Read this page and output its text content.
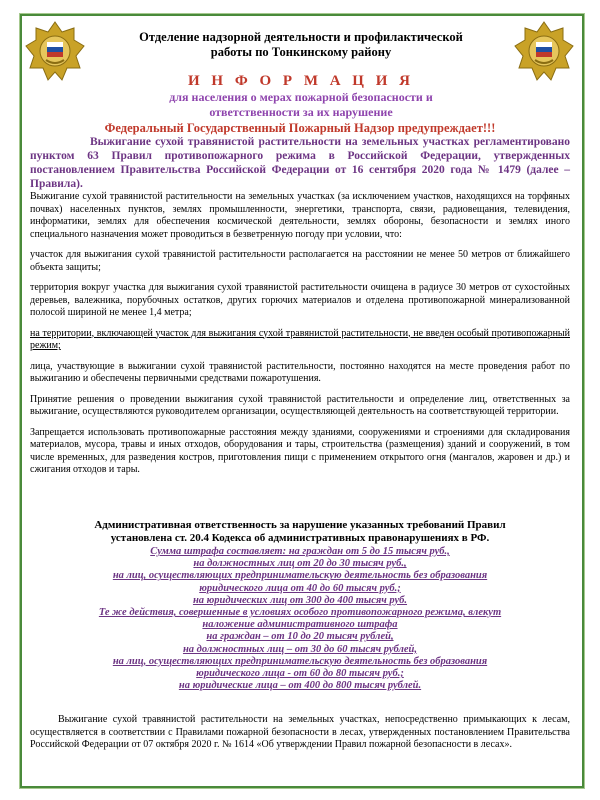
Отделение надзорной деятельности и профилактической
работы по Тонкинскому району
И Н Ф О Р М А Ц И Я
для населения о мерах пожарной безопасности и
ответственности за их нарушение
Федеральный Государственный Пожарный Надзор предупреждает!!!
Выжигание сухой травянистой растительности на земельных участках регламентировано пунктом 63 Правил противопожарного режима в Российской Федерации, утвержденных постановлением Правительства Российской Федерации от 16 сентября 2020 года № 1479 (далее – Правила).

Выжигание сухой травянистой растительности на земельных участках (за исключением участков, находящихся на торфяных почвах) населенных пунктов, землях промышленности, энергетики, транспорта, связи, радиовещания, телевидения, информатики, землях для обеспечения космической деятельности, землях обороны, безопасности и землях иного специального назначения может проводиться в безветренную погоду при условии, что:

участок для выжигания сухой травянистой растительности располагается на расстоянии не менее 50 метров от ближайшего объекта защиты;

территория вокруг участка для выжигания сухой травянистой растительности очищена в радиусе 30 метров от сухостойных деревьев, валежника, порубочных остатков, других горючих материалов и отделена противопожарной минерализованной полосой шириной не менее 1,4 метра;

на территории, включающей участок для выжигания сухой травянистой растительности, не введен особый противопожарный режим;

лица, участвующие в выжигании сухой травянистой растительности, постоянно находятся на месте проведения работ по выжиганию и обеспечены первичными средствами пожаротушения.

Принятие решения о проведении выжигания сухой травянистой растительности и определение лиц, ответственных за выжигание, осуществляются руководителем организации, осуществляющей деятельность на соответствующей территории.

Запрещается использовать противопожарные расстояния между зданиями, сооружениями и строениями для складирования материалов, мусора, травы и иных отходов, оборудования и тары, строительства (размещения) зданий и сооружений, в том числе временных, для разведения костров, приготовления пищи с применением открытого огня (мангалов, жаровен и др.) и сжигания отходов и тары.

Административная ответственность за нарушение указанных требований Правил
установлена ст. 20.4 Кодекса об административных правонарушениях в РФ.
Сумма штрафа составляет: на граждан от 5 до 15 тысяч руб.,
на должностных лиц от 20 до 30 тысяч руб.,
на лиц, осуществляющих предпринимательскую деятельность без образования
юридического лица от 40 до 60 тысяч руб.;
на юридических лиц от 300 до 400 тысяч руб.
Те же действия, совершенные в условиях особого противопожарного режима, влекут
наложение административного штрафа
на граждан – от 10 до 20 тысяч рублей,
на должностных лиц – от 30 до 60 тысяч рублей,
на лиц, осуществляющих предпринимательскую деятельность без образования
юридического лица - от 60 до 80 тысяч руб.;
на юридические лица – от 400 до 800 тысяч рублей.
Выжигание сухой травянистой растительности на земельных участках, непосредственно примыкающих к лесам, осуществляется в соответствии с Правилами пожарной безопасности в лесах, утвержденных постановлением Правительства Российской Федерации от 07 октября 2020 г. № 1614 «Об утверждении Правил пожарной безопасности в лесах».
